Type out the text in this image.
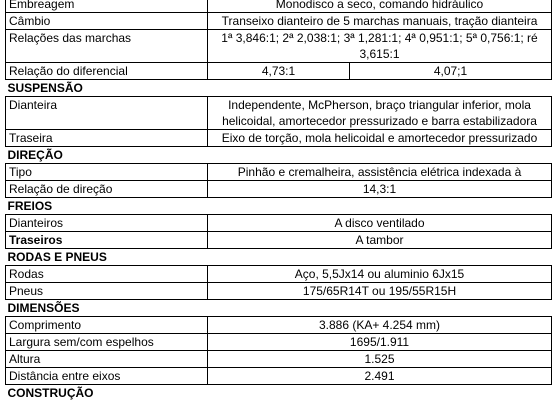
Embreagem	Monodisco a seco, comando hidráulico	
Câmbio	Transeixo dianteiro de 5 marchas manuais, tração dianteira	
Relações das marchas	1ª 3,846:1; 2ª 2,038:1; 3ª 1,281:1; 4ª 0,951:1; 5ª 0,756:1; ré 3,615:1	
Relação do diferencial	4,73:1	4,07;1
SUSPENSÃO		
Dianteira	Independente, McPherson, braço triangular inferior, mola helicoidal, amortecedor pressurizado e barra estabilizadora	
Traseira	Eixo de torção, mola helicoidal e amortecedor pressurizado	
DIREÇÃO		
Tipo	Pinhão e cremalheira, assistência elétrica indexada à	
Relação de direção	14,3:1	
FREIOS		
Dianteiros	A disco ventilado	
Traseiros	A tambor	
RODAS E PNEUS		
Rodas	Aço, 5,5Jx14 ou aluminio 6Jx15	
Pneus	175/65R14T ou 195/55R15H	
DIMENSÕES		
Comprimento	3.886 (KA+ 4.254 mm)	
Largura sem/com espelhos	1695/1.911	
Altura	1.525	
Distância entre eixos	2.491	
CONSTRUÇÃO		
